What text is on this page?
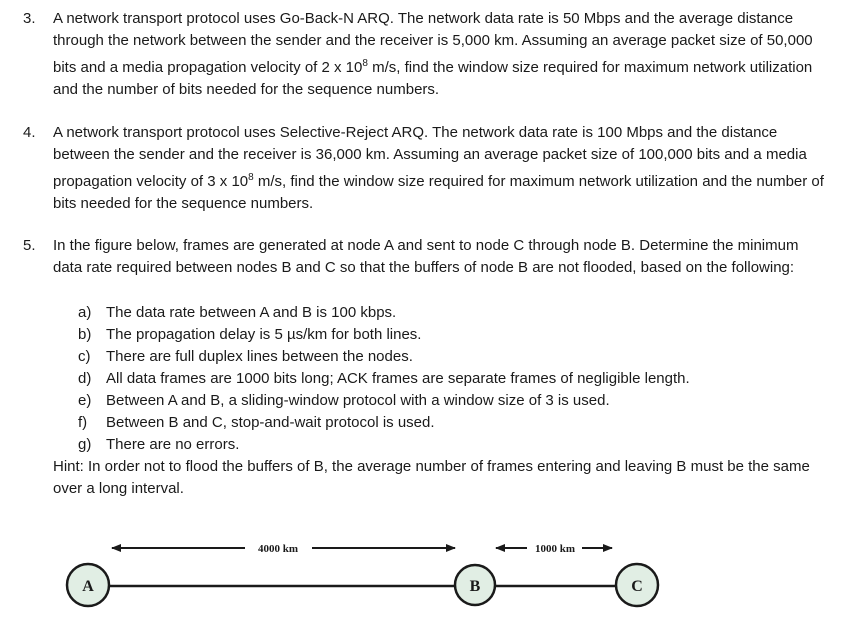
3. A network transport protocol uses Go-Back-N ARQ. The network data rate is 50 Mbps and the average distance through the network between the sender and the receiver is 5,000 km. Assuming an average packet size of 50,000 bits and a media propagation velocity of 2 x $10^8$ m/s, find the window size required for maximum network utilization and the number of bits needed for the sequence numbers.
4. A network transport protocol uses Selective-Reject ARQ. The network data rate is 100 Mbps and the distance between the sender and the receiver is 36,000 km. Assuming an average packet size of 100,000 bits and a media propagation velocity of 3 x $10^8$ m/s, find the window size required for maximum network utilization and the number of bits needed for the sequence numbers.
5. In the figure below, frames are generated at node A and sent to node C through node B. Determine the minimum data rate required between nodes B and C so that the buffers of node B are not flooded, based on the following:
a) The data rate between A and B is 100 kbps.
b) The propagation delay is 5 µs/km for both lines.
c) There are full duplex lines between the nodes.
d) All data frames are 1000 bits long; ACK frames are separate frames of negligible length.
e) Between A and B, a sliding-window protocol with a window size of 3 is used.
f) Between B and C, stop-and-wait protocol is used.
g) There are no errors.
Hint: In order not to flood the buffers of B, the average number of frames entering and leaving B must be the same over a long interval.
4000 km	1000 km
A	B	C
